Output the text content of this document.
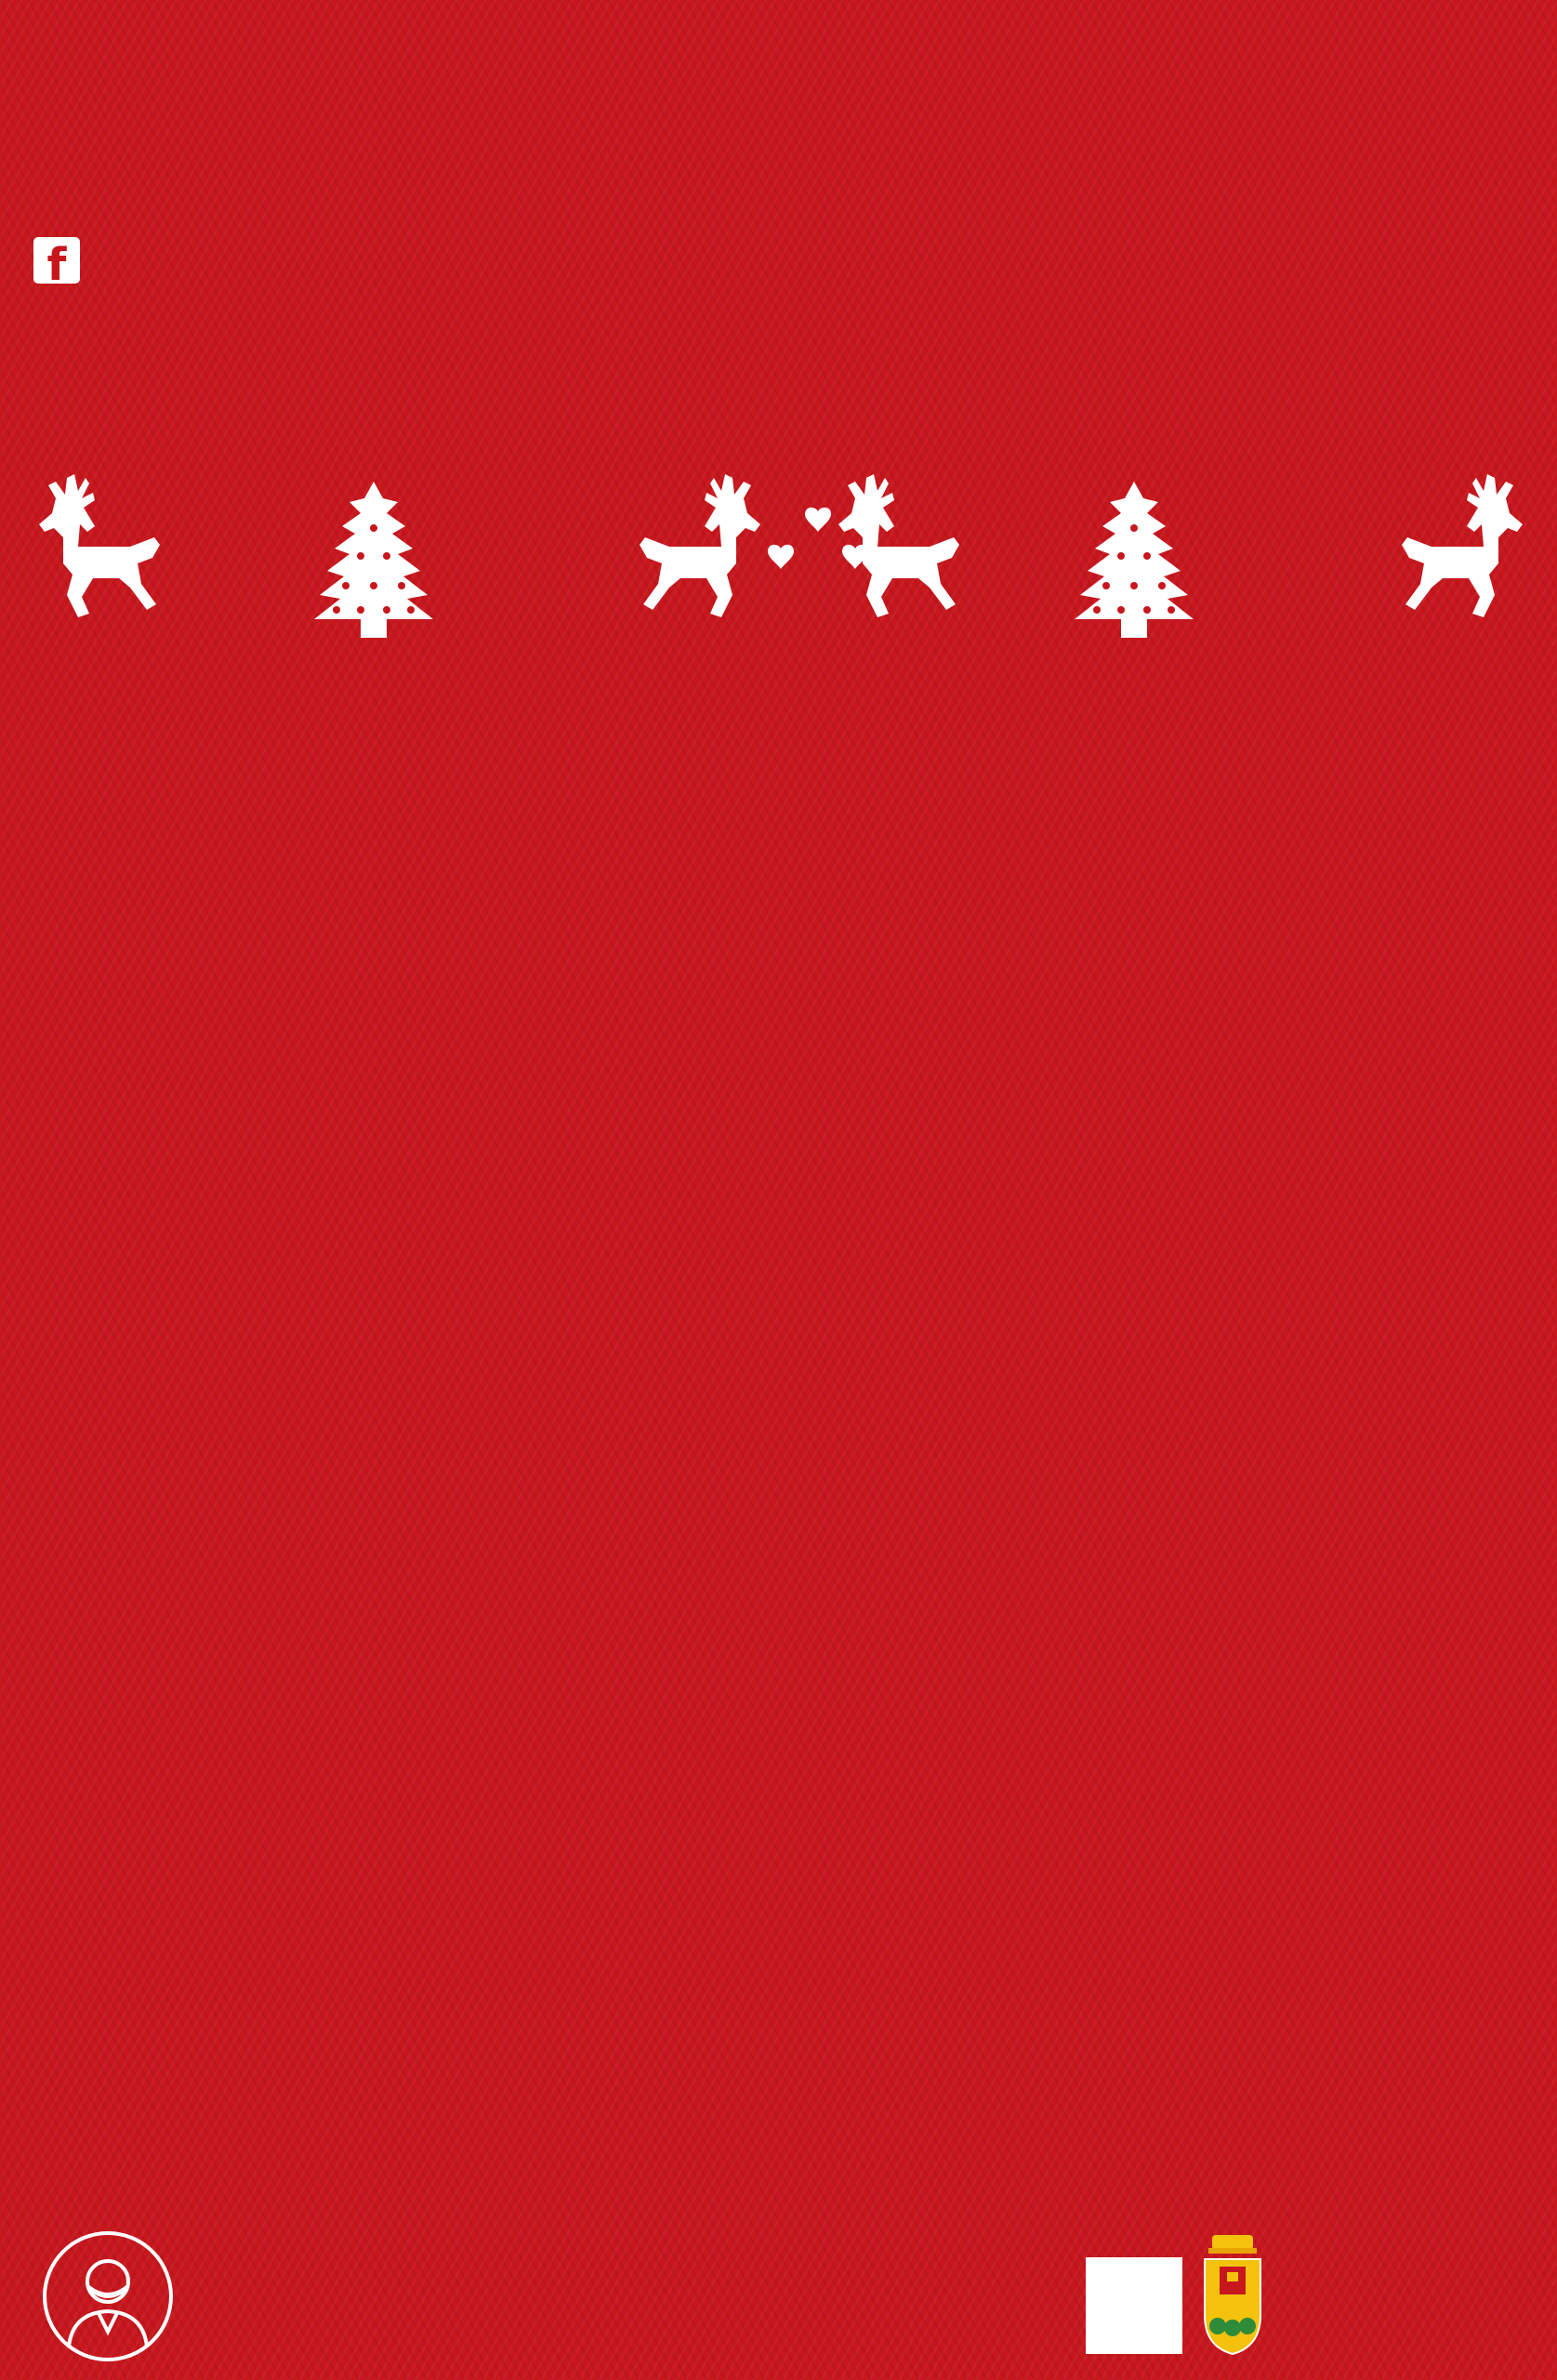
f
